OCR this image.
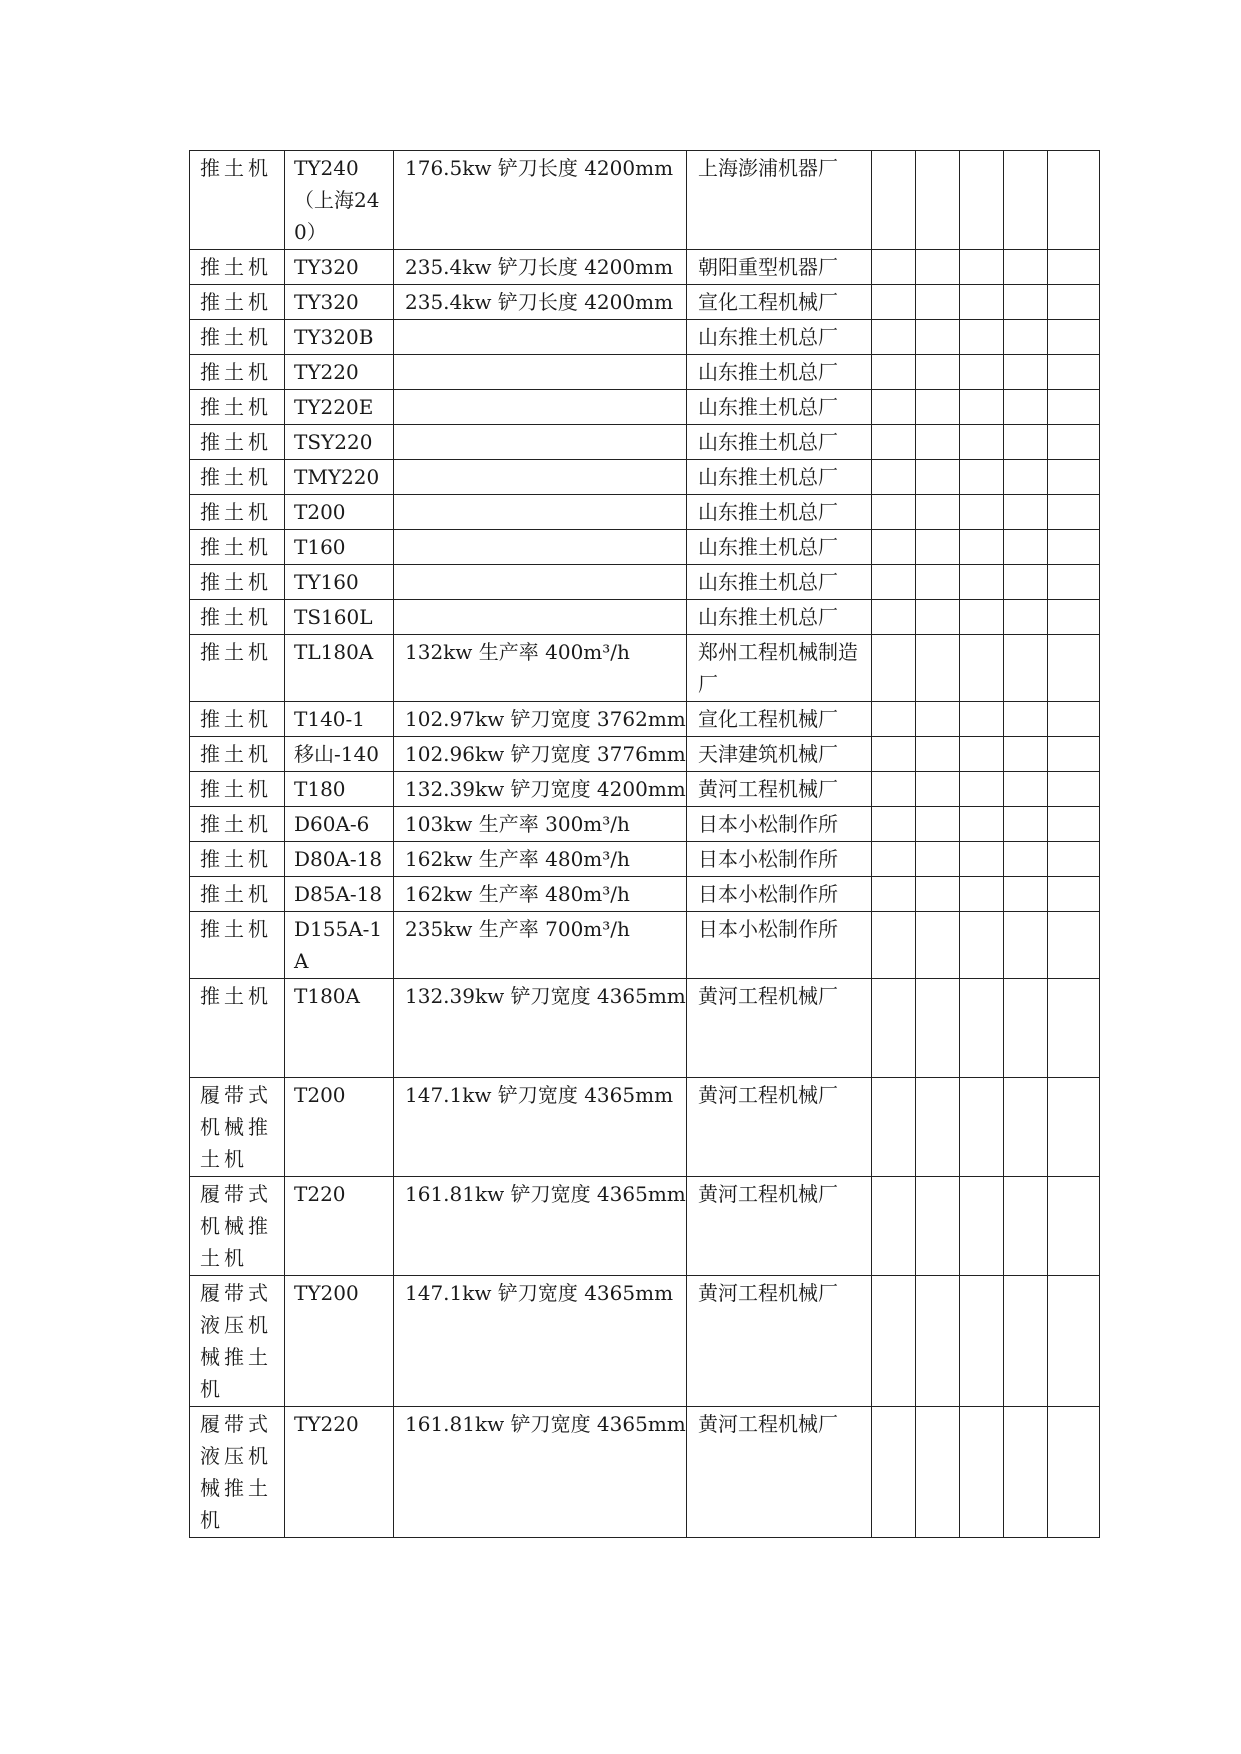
推土机	TY240（上海240）	176.5kw 铲刀长度 4200mm	上海澎浦机器厂					
推土机	TY320	235.4kw 铲刀长度 4200mm	朝阳重型机器厂					
推土机	TY320	235.4kw 铲刀长度 4200mm	宣化工程机械厂					
推土机	TY320B		山东推土机总厂					
推土机	TY220		山东推土机总厂					
推土机	TY220E		山东推土机总厂					
推土机	TSY220		山东推土机总厂					
推土机	TMY220		山东推土机总厂					
推土机	T200		山东推土机总厂					
推土机	T160		山东推土机总厂					
推土机	TY160		山东推土机总厂					
推土机	TS160L		山东推土机总厂					
推土机	TL180A	132kw 生产率 400m³/h	郑州工程机械制造厂					
推土机	T140-1	102.97kw 铲刀宽度 3762mm	宣化工程机械厂					
推土机	移山-140	102.96kw 铲刀宽度 3776mm	天津建筑机械厂					
推土机	T180	132.39kw 铲刀宽度 4200mm	黄河工程机械厂					
推土机	D60A-6	103kw 生产率 300m³/h	日本小松制作所					
推土机	D80A-18	162kw 生产率 480m³/h	日本小松制作所					
推土机	D85A-18	162kw 生产率 480m³/h	日本小松制作所					
推土机	D155A-1A	235kw 生产率 700m³/h	日本小松制作所					
推土机	T180A	132.39kw 铲刀宽度 4365mm	黄河工程机械厂					
履带式机械推土机	T200	147.1kw 铲刀宽度 4365mm	黄河工程机械厂					
履带式机械推土机	T220	161.81kw 铲刀宽度 4365mm	黄河工程机械厂					
履带式液压机械推土机	TY200	147.1kw 铲刀宽度 4365mm	黄河工程机械厂					
履带式液压机械推土机	TY220	161.81kw 铲刀宽度 4365mm	黄河工程机械厂					
